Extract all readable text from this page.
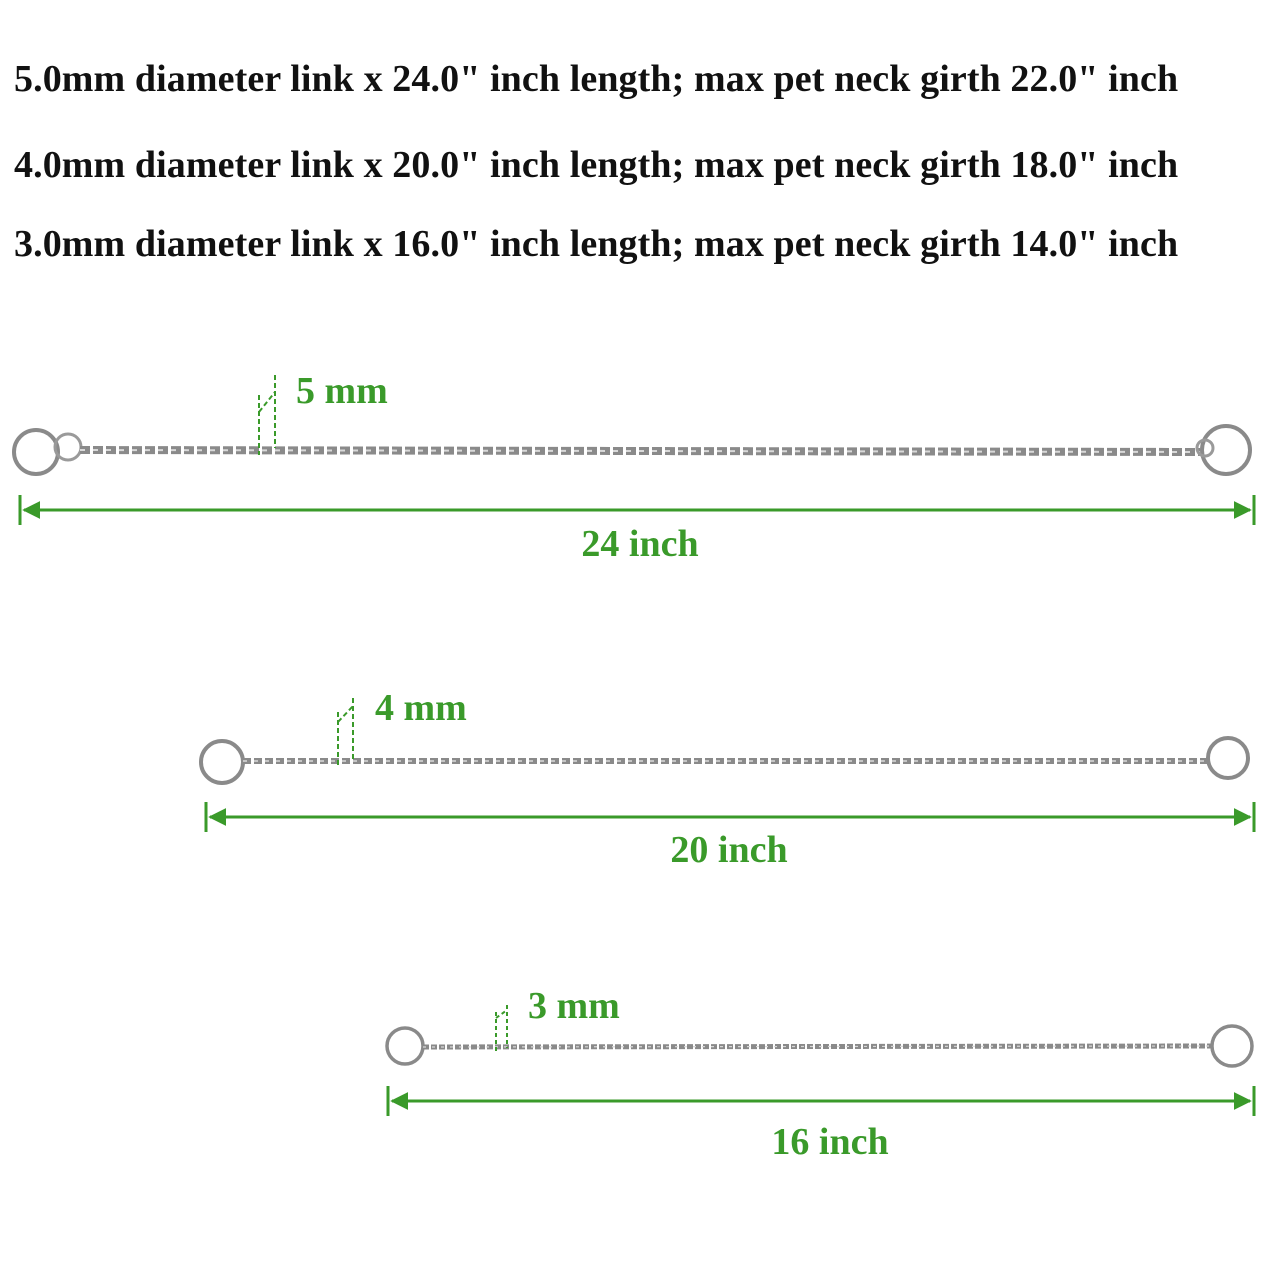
5.0mm diameter link x 24.0" inch length; max pet neck girth 22.0" inch

4.0mm diameter link x 20.0" inch length; max pet neck girth 18.0" inch

3.0mm diameter link x 16.0" inch length; max pet neck girth 14.0" inch

5 mm
24 inch
4 mm
20 inch
3 mm
16 inch
